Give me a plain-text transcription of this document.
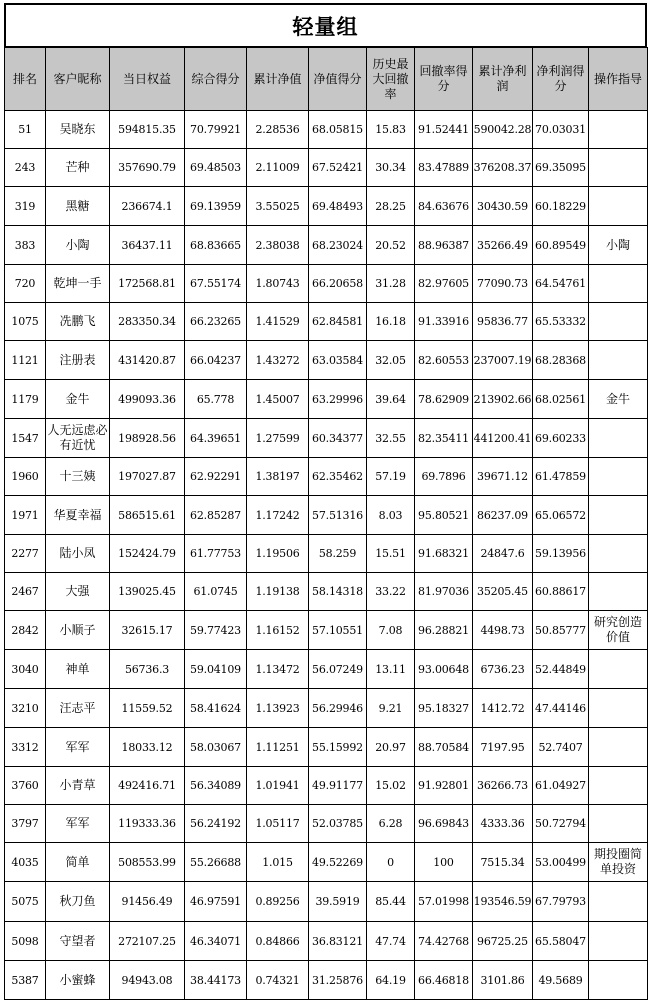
轻量组
排名	客户昵称	当日权益	综合得分	累计净值	净值得分	历史最大回撤率	回撤率得分	累计净利润	净利润得分	操作指导
51	吴晓东	594815.35	70.79921	2.28536	68.05815	15.83	91.52441	590042.28	70.03031	
243	芒种	357690.79	69.48503	2.11009	67.52421	30.34	83.47889	376208.37	69.35095	
319	黑糖	236674.1	69.13959	3.55025	69.48493	28.25	84.63676	30430.59	60.18229	
383	小陶	36437.11	68.83665	2.38038	68.23024	20.52	88.96387	35266.49	60.89549	小陶
720	乾坤一手	172568.81	67.55174	1.80743	66.20658	31.28	82.97605	77090.73	64.54761	
1075	冼鹏飞	283350.34	66.23265	1.41529	62.84581	16.18	91.33916	95836.77	65.53332	
1121	注册表	431420.87	66.04237	1.43272	63.03584	32.05	82.60553	237007.19	68.28368	
1179	金牛	499093.36	65.778	1.45007	63.29996	39.64	78.62909	213902.66	68.02561	金牛
1547	人无远虑必有近忧	198928.56	64.39651	1.27599	60.34377	32.55	82.35411	441200.41	69.60233	
1960	十三姨	197027.87	62.92291	1.38197	62.35462	57.19	69.7896	39671.12	61.47859	
1971	华夏幸福	586515.61	62.85287	1.17242	57.51316	8.03	95.80521	86237.09	65.06572	
2277	陆小凤	152424.79	61.77753	1.19506	58.259	15.51	91.68321	24847.6	59.13956	
2467	大强	139025.45	61.0745	1.19138	58.14318	33.22	81.97036	35205.45	60.88617	
2842	小顺子	32615.17	59.77423	1.16152	57.10551	7.08	96.28821	4498.73	50.85777	研究创造价值
3040	神单	56736.3	59.04109	1.13472	56.07249	13.11	93.00648	6736.23	52.44849	
3210	汪志平	11559.52	58.41624	1.13923	56.29946	9.21	95.18327	1412.72	47.44146	
3312	军军	18033.12	58.03067	1.11251	55.15992	20.97	88.70584	7197.95	52.7407	
3760	小青草	492416.71	56.34089	1.01941	49.91177	15.02	91.92801	36266.73	61.04927	
3797	军军	119333.36	56.24192	1.05117	52.03785	6.28	96.69843	4333.36	50.72794	
4035	简单	508553.99	55.26688	1.015	49.52269	0	100	7515.34	53.00499	期投圈简单投资
5075	秋刀鱼	91456.49	46.97591	0.89256	39.5919	85.44	57.01998	193546.59	67.79793	
5098	守望者	272107.25	46.34071	0.84866	36.83121	47.74	74.42768	96725.25	65.58047	
5387	小蜜蜂	94943.08	38.44173	0.74321	31.25876	64.19	66.46818	3101.86	49.5689	
